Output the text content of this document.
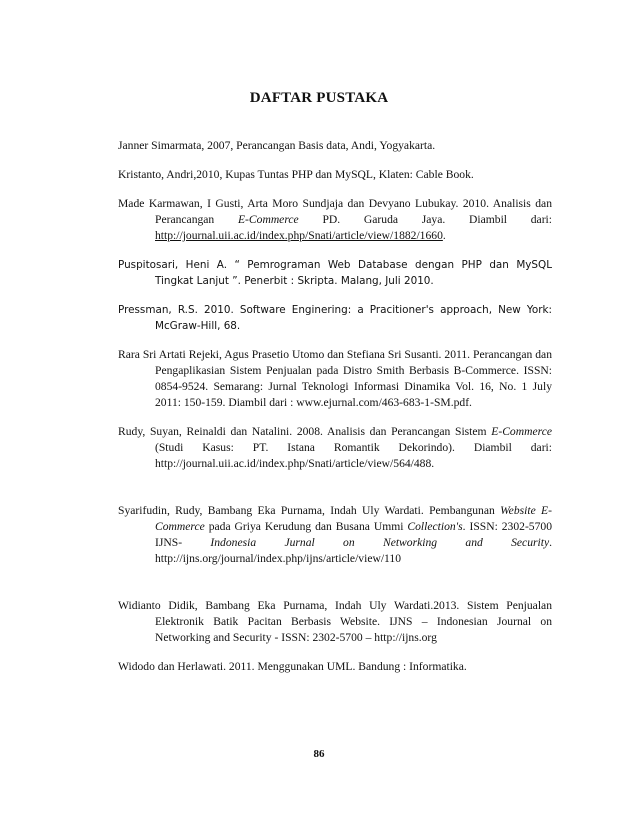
DAFTAR PUSTAKA

Janner Simarmata, 2007, Perancangan Basis data, Andi, Yogyakarta.

Kristanto, Andri,2010, Kupas Tuntas PHP dan MySQL, Klaten: Cable Book.

Made Karmawan, I Gusti, Arta Moro Sundjaja dan Devyano Lubukay. 2010. Analisis dan Perancangan E-Commerce PD. Garuda Jaya. Diambil dari: http://journal.uii.ac.id/index.php/Snati/article/view/1882/1660.

Puspitosari, Heni A. “ Pemrograman Web Database dengan PHP dan MySQL Tingkat Lanjut ”. Penerbit : Skripta. Malang, Juli 2010.

Pressman, R.S. 2010. Software Enginering: a Pracitioner's approach, New York: McGraw-Hill, 68.

Rara Sri Artati Rejeki, Agus Prasetio Utomo dan Stefiana Sri Susanti. 2011. Perancangan dan Pengaplikasian Sistem Penjualan pada Distro Smith Berbasis B-Commerce. ISSN: 0854-9524. Semarang: Jurnal Teknologi Informasi Dinamika Vol. 16, No. 1 July 2011: 150-159. Diambil dari : www.ejurnal.com/463-683-1-SM.pdf.

Rudy, Suyan, Reinaldi dan Natalini. 2008. Analisis dan Perancangan Sistem E-Commerce (Studi Kasus: PT. Istana Romantik Dekorindo). Diambil dari: http://journal.uii.ac.id/index.php/Snati/article/view/564/488.

Syarifudin, Rudy, Bambang Eka Purnama, Indah Uly Wardati. Pembangunan Website E-Commerce pada Griya Kerudung dan Busana Ummi Collection's. ISSN: 2302-5700 IJNS- Indonesia Jurnal on Networking and Security. http://ijns.org/journal/index.php/ijns/article/view/110

Widianto Didik, Bambang Eka Purnama, Indah Uly Wardati.2013. Sistem Penjualan Elektronik Batik Pacitan Berbasis Website. IJNS – Indonesian Journal on Networking and Security - ISSN: 2302-5700 – http://ijns.org

Widodo dan Herlawati. 2011. Menggunakan UML. Bandung : Informatika.

86
